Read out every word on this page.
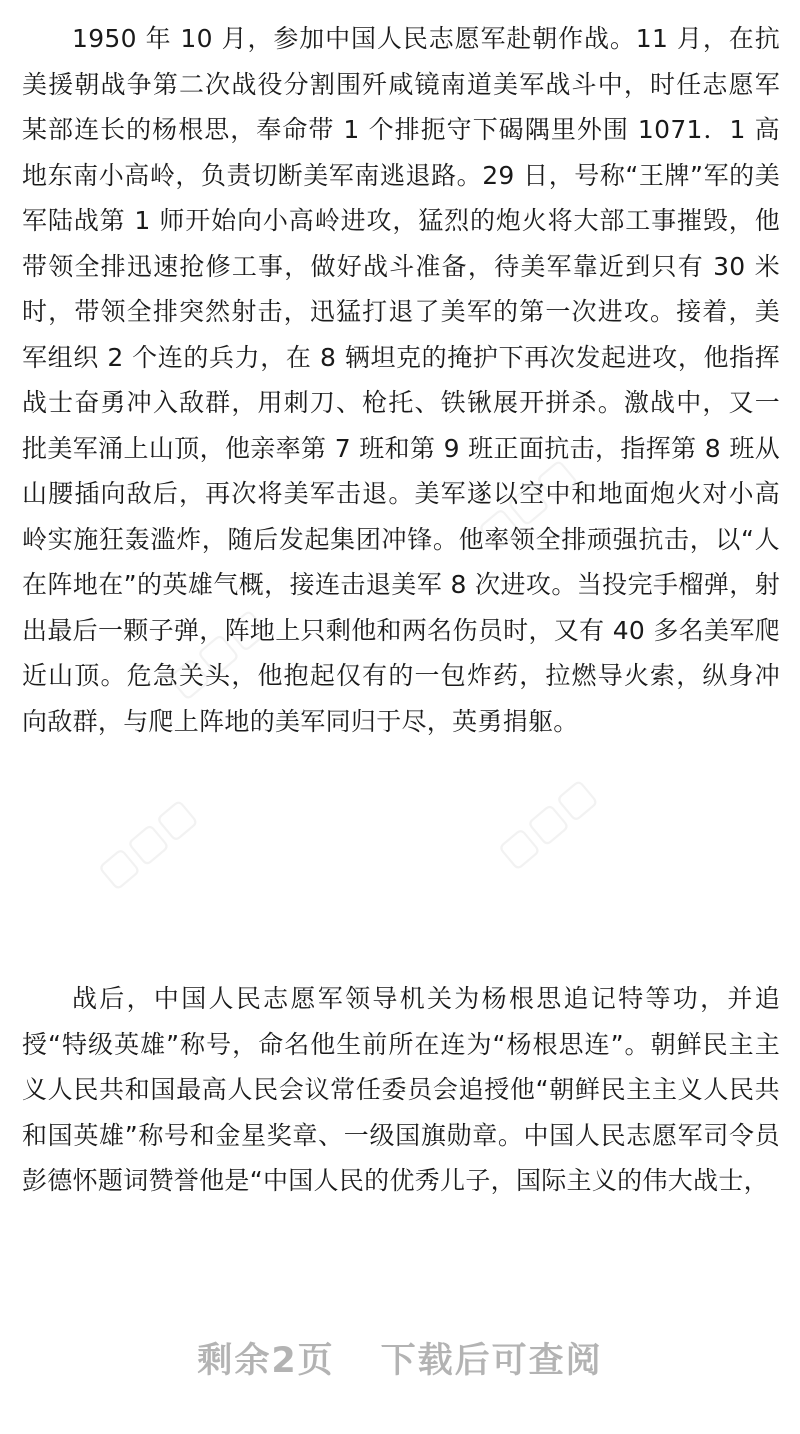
▢▢▢
▢▢▢
▢▢▢	▢▢▢

1950 年 10 月，参加中国人民志愿军赴朝作战。11 月，在抗美援朝战争第二次战役分割围歼咸镜南道美军战斗中，时任志愿军某部连长的杨根思，奉命带 1 个排扼守下碣隅里外围 1071．1 高地东南小高岭，负责切断美军南逃退路。29 日，号称“王牌”军的美军陆战第 1 师开始向小高岭进攻，猛烈的炮火将大部工事摧毁，他带领全排迅速抢修工事，做好战斗准备，待美军靠近到只有 30 米时，带领全排突然射击，迅猛打退了美军的第一次进攻。接着，美军组织 2 个连的兵力，在 8 辆坦克的掩护下再次发起进攻，他指挥战士奋勇冲入敌群，用刺刀、枪托、铁锹展开拼杀。激战中，又一批美军涌上山顶，他亲率第 7 班和第 9 班正面抗击，指挥第 8 班从山腰插向敌后，再次将美军击退。美军遂以空中和地面炮火对小高岭实施狂轰滥炸，随后发起集团冲锋。他率领全排顽强抗击，以“人在阵地在”的英雄气概，接连击退美军 8 次进攻。当投完手榴弹，射出最后一颗子弹，阵地上只剩他和两名伤员时，又有 40 多名美军爬近山顶。危急关头，他抱起仅有的一包炸药，拉燃导火索，纵身冲向敌群，与爬上阵地的美军同归于尽，英勇捐躯。

战后，中国人民志愿军领导机关为杨根思追记特等功，并追授“特级英雄”称号，命名他生前所在连为“杨根思连”。朝鲜民主主义人民共和国最高人民会议常任委员会追授他“朝鲜民主主义人民共和国英雄”称号和金星奖章、一级国旗勋章。中国人民志愿军司令员彭德怀题词赞誉他是“中国人民的优秀儿子，国际主义的伟大战士，

剩余2页 下载后可查阅
